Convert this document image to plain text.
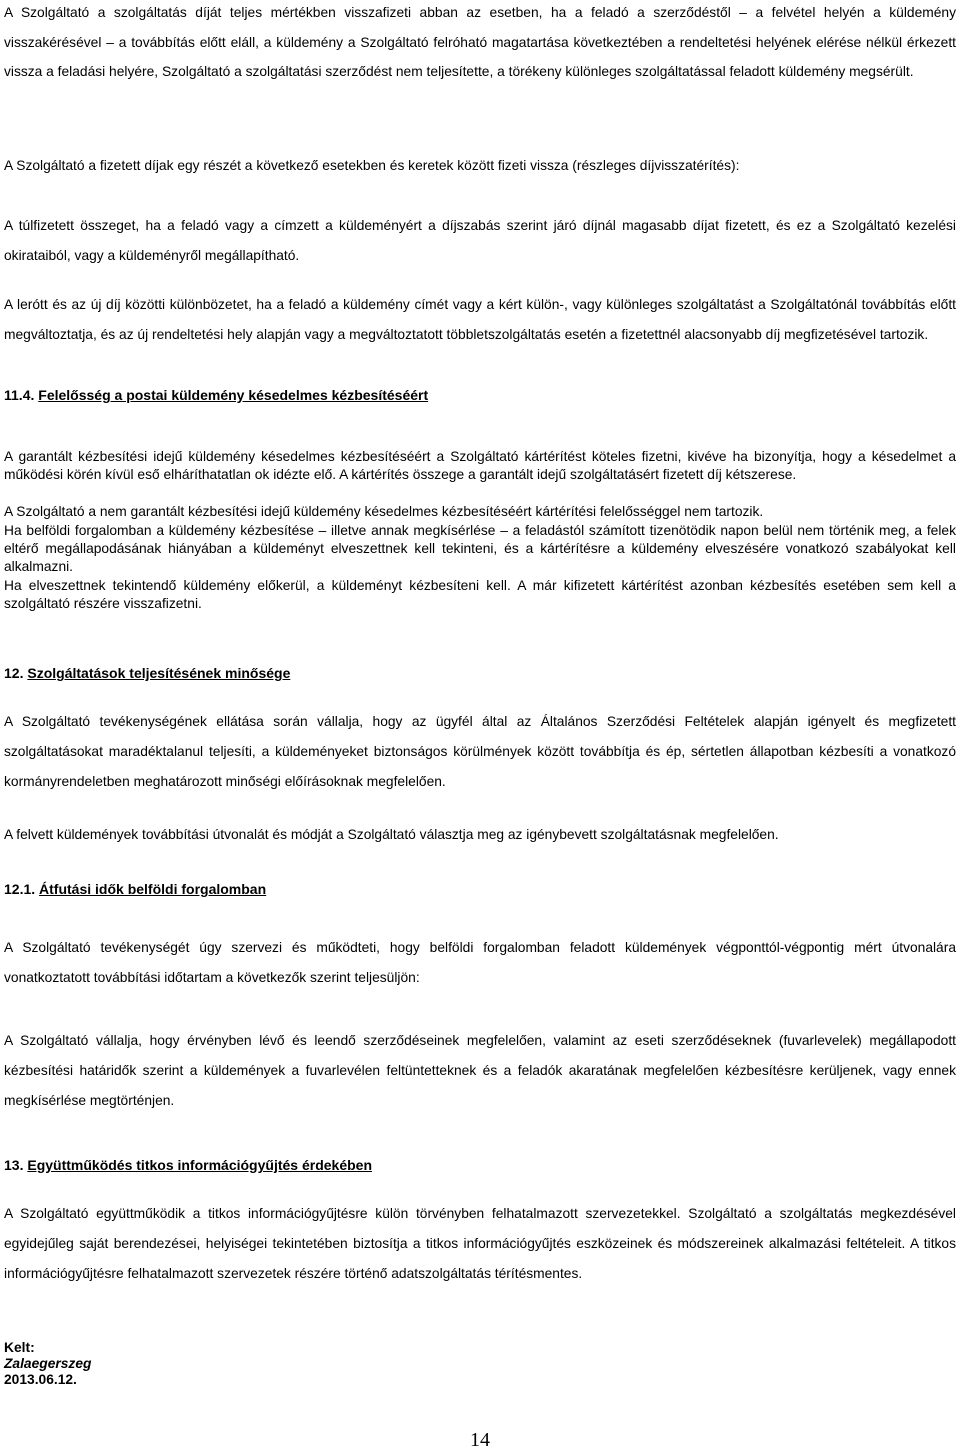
A Szolgáltató a szolgáltatás díját teljes mértékben visszafizeti abban az esetben, ha a feladó a szerződéstől – a felvétel helyén a küldemény visszakérésével – a továbbítás előtt eláll, a küldemény a Szolgáltató felróható magatartása következtében a rendeltetési helyének elérése nélkül érkezett vissza a feladási helyére, Szolgáltató a szolgáltatási szerződést nem teljesítette, a törékeny különleges szolgáltatással feladott küldemény megsérült.

A Szolgáltató a fizetett díjak egy részét a következő esetekben és keretek között fizeti vissza (részleges díjvisszatérítés):

A túlfizetett összeget, ha a feladó vagy a címzett a küldeményért a díjszabás szerint járó díjnál magasabb díjat fizetett, és ez a Szolgáltató kezelési okirataiból, vagy a küldeményről megállapítható.

A lerótt és az új díj közötti különbözetet, ha a feladó a küldemény címét vagy a kért külön-, vagy különleges szolgáltatást a Szolgáltatónál továbbítás előtt megváltoztatja, és az új rendeltetési hely alapján vagy a megváltoztatott többletszolgáltatás esetén a fizetettnél alacsonyabb díj megfizetésével tartozik.

11.4. Felelősség a postai küldemény késedelmes kézbesítéséért

A garantált kézbesítési idejű küldemény késedelmes kézbesítéséért a Szolgáltató kártérítést köteles fizetni, kivéve ha bizonyítja, hogy a késedelmet a működési körén kívül eső elháríthatatlan ok idézte elő. A kártérítés összege a garantált idejű szolgáltatásért fizetett díj kétszerese.

A Szolgáltató a nem garantált kézbesítési idejű küldemény késedelmes kézbesítéséért kártérítési felelősséggel nem tartozik.

Ha belföldi forgalomban a küldemény kézbesítése – illetve annak megkísérlése – a feladástól számított tizenötödik napon belül nem történik meg, a felek eltérő megállapodásának hiányában a küldeményt elveszettnek kell tekinteni, és a kártérítésre a küldemény elveszésére vonatkozó szabályokat kell alkalmazni.

Ha elveszettnek tekintendő küldemény előkerül, a küldeményt kézbesíteni kell. A már kifizetett kártérítést azonban kézbesítés esetében sem kell a szolgáltató részére visszafizetni.

12. Szolgáltatások teljesítésének minősége

A Szolgáltató tevékenységének ellátása során vállalja, hogy az ügyfél által az Általános Szerződési Feltételek alapján igényelt és megfizetett szolgáltatásokat maradéktalanul teljesíti, a küldeményeket biztonságos körülmények között továbbítja és ép, sértetlen állapotban kézbesíti a vonatkozó kormányrendeletben meghatározott minőségi előírásoknak megfelelően.

A felvett küldemények továbbítási útvonalát és módját a Szolgáltató választja meg az igénybevett szolgáltatásnak megfelelően.

12.1. Átfutási idők belföldi forgalomban

A Szolgáltató tevékenységét úgy szervezi és működteti, hogy belföldi forgalomban feladott küldemények végponttól-végpontig mért útvonalára vonatkoztatott továbbítási időtartam a következők szerint teljesüljön:

A Szolgáltató vállalja, hogy érvényben lévő és leendő szerződéseinek megfelelően, valamint az eseti szerződéseknek (fuvarlevelek) megállapodott kézbesítési határidők szerint a küldemények a fuvarlevélen feltüntetteknek és a feladók akaratának megfelelően kézbesítésre kerüljenek, vagy ennek megkísérlése megtörténjen.

13. Együttműködés titkos információgyűjtés érdekében

A Szolgáltató együttműködik a titkos információgyűjtésre külön törvényben felhatalmazott szervezetekkel. Szolgáltató a szolgáltatás megkezdésével egyidejűleg saját berendezései, helyiségei tekintetében biztosítja a titkos információgyűjtés eszközeinek és módszereinek alkalmazási feltételeit. A titkos információgyűjtésre felhatalmazott szervezetek részére történő adatszolgáltatás térítésmentes.

Kelt:
Zalaegerszeg
2013.06.12.
14
